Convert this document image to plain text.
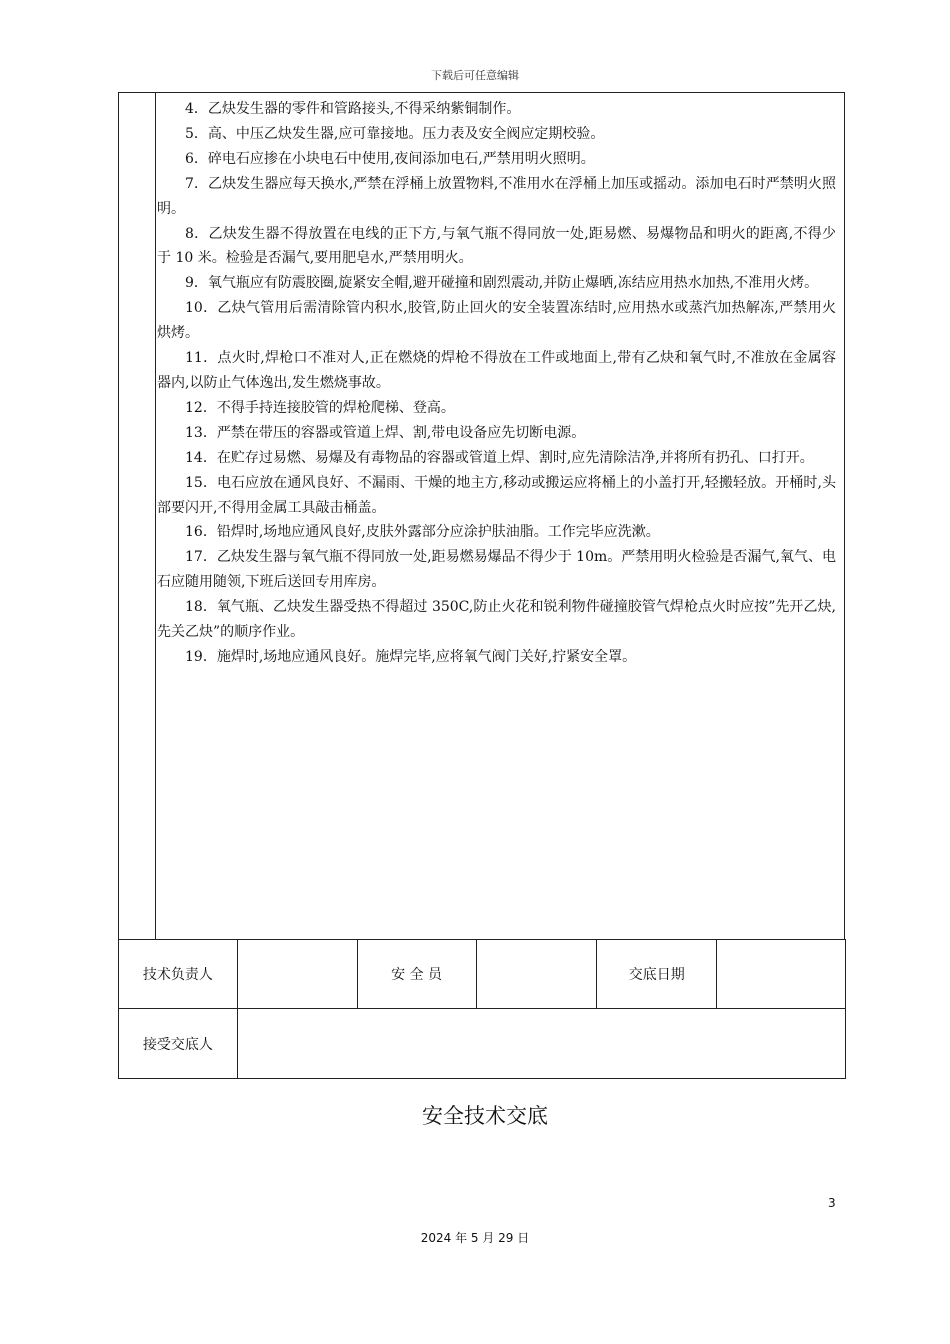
下载后可任意编辑

4．乙炔发生器的零件和管路接头,不得采纳紫铜制作。

5．高、中压乙炔发生器,应可靠接地。压力表及安全阀应定期校验。

6．碎电石应掺在小块电石中使用,夜间添加电石,严禁用明火照明。

7．乙炔发生器应每天换水,严禁在浮桶上放置物料,不准用水在浮桶上加压或摇动。添加电石时严禁明火照明。

8．乙炔发生器不得放置在电线的正下方,与氧气瓶不得同放一处,距易燃、易爆物品和明火的距离,不得少于 10 米。检验是否漏气,要用肥皂水,严禁用明火。

9．氧气瓶应有防震胶圈,旋紧安全帽,避开碰撞和剧烈震动,并防止爆晒,冻结应用热水加热,不准用火烤。

10．乙炔气管用后需清除管内积水,胶管,防止回火的安全装置冻结时,应用热水或蒸汽加热解冻,严禁用火烘烤。

11．点火时,焊枪口不准对人,正在燃烧的焊枪不得放在工件或地面上,带有乙炔和氧气时,不准放在金属容器内,以防止气体逸出,发生燃烧事故。

12．不得手持连接胶管的焊枪爬梯、登高。

13．严禁在带压的容器或管道上焊、割,带电设备应先切断电源。

14．在贮存过易燃、易爆及有毒物品的容器或管道上焊、割时,应先清除洁净,并将所有扔孔、口打开。

15．电石应放在通风良好、不漏雨、干燥的地主方,移动或搬运应将桶上的小盖打开,轻搬轻放。开桶时,头部要闪开,不得用金属工具敲击桶盖。

16．铅焊时,场地应通风良好,皮肤外露部分应涂护肤油脂。工作完毕应洗漱。

17．乙炔发生器与氧气瓶不得同放一处,距易燃易爆品不得少于 10m。严禁用明火检验是否漏气,氧气、电石应随用随领,下班后送回专用库房。

18．氧气瓶、乙炔发生器受热不得超过 350C,防止火花和锐利物件碰撞胶管气焊枪点火时应按”先开乙炔,先关乙炔”的顺序作业。

19．施焊时,场地应通风良好。施焊完毕,应将氧气阀门关好,拧紧安全罩。

技术负责人		安 全 员		交底日期	
接受交底人					
安全技术交底
3
2024 年 5 月 29 日
